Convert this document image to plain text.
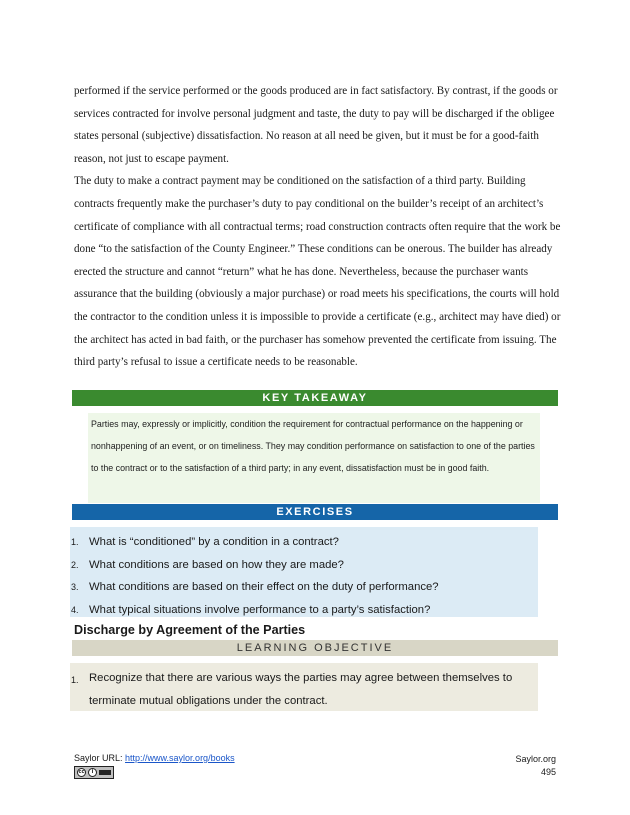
performed if the service performed or the goods produced are in fact satisfactory. By contrast, if the goods or services contracted for involve personal judgment and taste, the duty to pay will be discharged if the obligee states personal (subjective) dissatisfaction. No reason at all need be given, but it must be for a good-faith reason, not just to escape payment.

The duty to make a contract payment may be conditioned on the satisfaction of a third party. Building contracts frequently make the purchaser’s duty to pay conditional on the builder’s receipt of an architect’s certificate of compliance with all contractual terms; road construction contracts often require that the work be done “to the satisfaction of the County Engineer.” These conditions can be onerous. The builder has already erected the structure and cannot “return” what he has done. Nevertheless, because the purchaser wants assurance that the building (obviously a major purchase) or road meets his specifications, the courts will hold the contractor to the condition unless it is impossible to provide a certificate (e.g., architect may have died) or the architect has acted in bad faith, or the purchaser has somehow prevented the certificate from issuing. The third party’s refusal to issue a certificate needs to be reasonable.

KEY TAKEAWAY

Parties may, expressly or implicitly, condition the requirement for contractual performance on the happening or nonhappening of an event, or on timeliness. They may condition performance on satisfaction to one of the parties to the contract or to the satisfaction of a third party; in any event, dissatisfaction must be in good faith.

EXERCISES
1. What is “conditioned” by a condition in a contract?
2. What conditions are based on how they are made?
3. What conditions are based on their effect on the duty of performance?
4. What typical situations involve performance to a party’s satisfaction?
Discharge by Agreement of the Parties
LEARNING OBJECTIVE
1. Recognize that there are various ways the parties may agree between themselves to terminate mutual obligations under the contract.
Saylor URL: http://www.saylor.org/books
cc	i
Saylor.org
495
